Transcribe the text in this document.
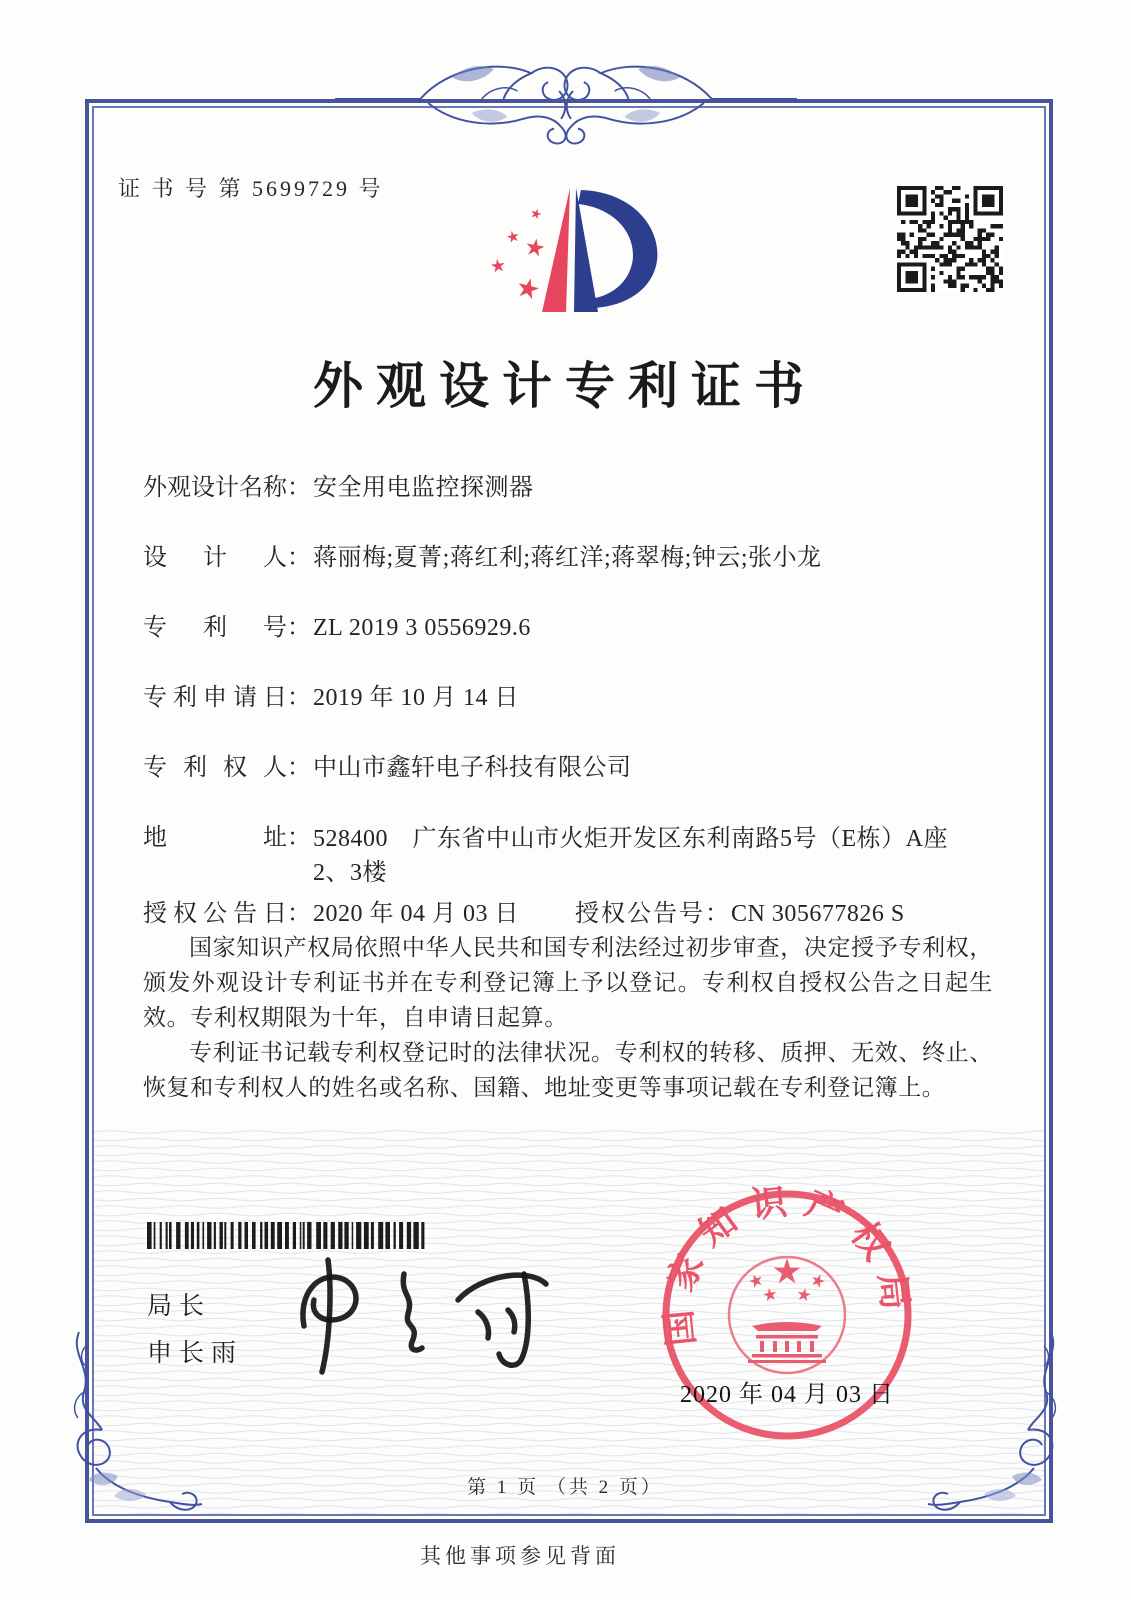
证 书 号 第 5699729 号
外观设计专利证书
外观设计名称：安全用电监控探测器
设计人：蒋丽梅;夏菁;蒋红利;蒋红洋;蒋翠梅;钟云;张小龙
专利号：ZL 2019 3 0556929.6
专利申请日：2019 年 10 月 14 日
专利权人：中山市鑫轩电子科技有限公司
地址：528400　广东省中山市火炬开发区东利南路5号（E栋）A座
2、3楼
授权公告日：2020 年 04 月 03 日 授权公告号：CN 305677826 S

国家知识产权局依照中华人民共和国专利法经过初步审查，决定授予专利权，颁发外观设计专利证书并在专利登记簿上予以登记。专利权自授权公告之日起生效。专利权期限为十年，自申请日起算。

专利证书记载专利权登记时的法律状况。专利权的转移、质押、无效、终止、恢复和专利权人的姓名或名称、国籍、地址变更等事项记载在专利登记簿上。

局长
申长雨
国家知识产权局
2020 年 04 月 03 日
第 1 页 （共 2 页）
其他事项参见背面
